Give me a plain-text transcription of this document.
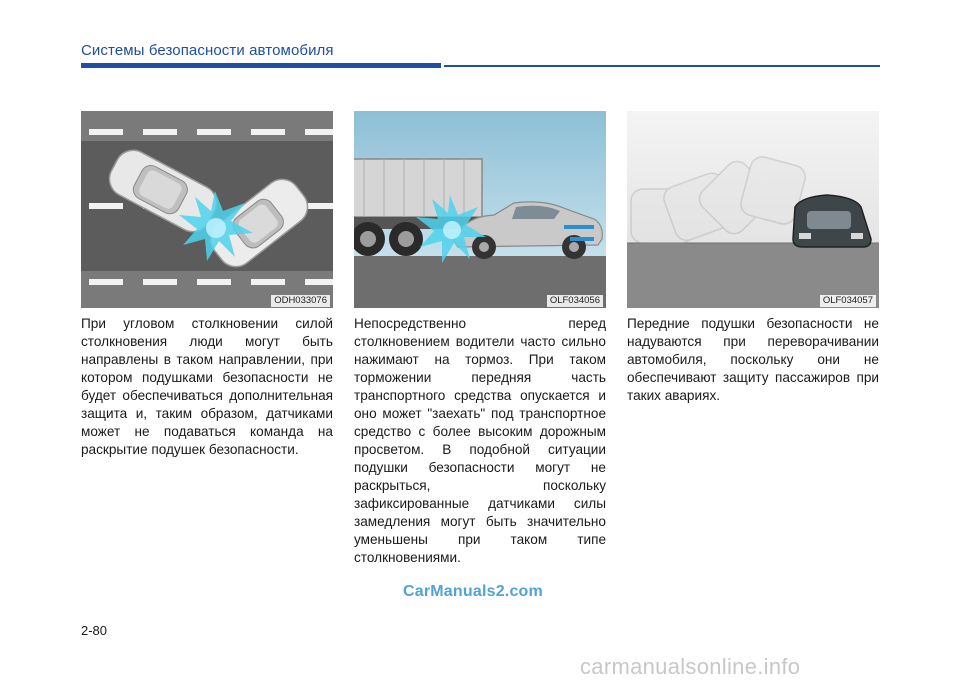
Системы безопасности автомобиля
ODH033076	OLF034056	OLF034057

При угловом столкновении силой столкновения люди могут быть направлены в таком направлении, при котором подушками безопасности не будет обеспечиваться дополнительная защита и, таким образом, датчиками может не подаваться команда на раскрытие подушек безопасности.

Непосредственно перед столкновением водители часто сильно нажимают на тормоз. При таком торможении передняя часть транспортного средства опускается и оно может "заехать" под транспортное средство с более высоким дорожным просветом. В подобной ситуации подушки безопасности могут не раскрыться, поскольку зафиксированные датчиками силы замедления могут быть значительно уменьшены при таком типе столкновениями.

Передние подушки безопасности не надуваются при переворачивании автомобиля, поскольку они не обеспечивают защиту пассажиров при таких авариях.

CarManuals2.com
2-80
carmanualsonline.info
